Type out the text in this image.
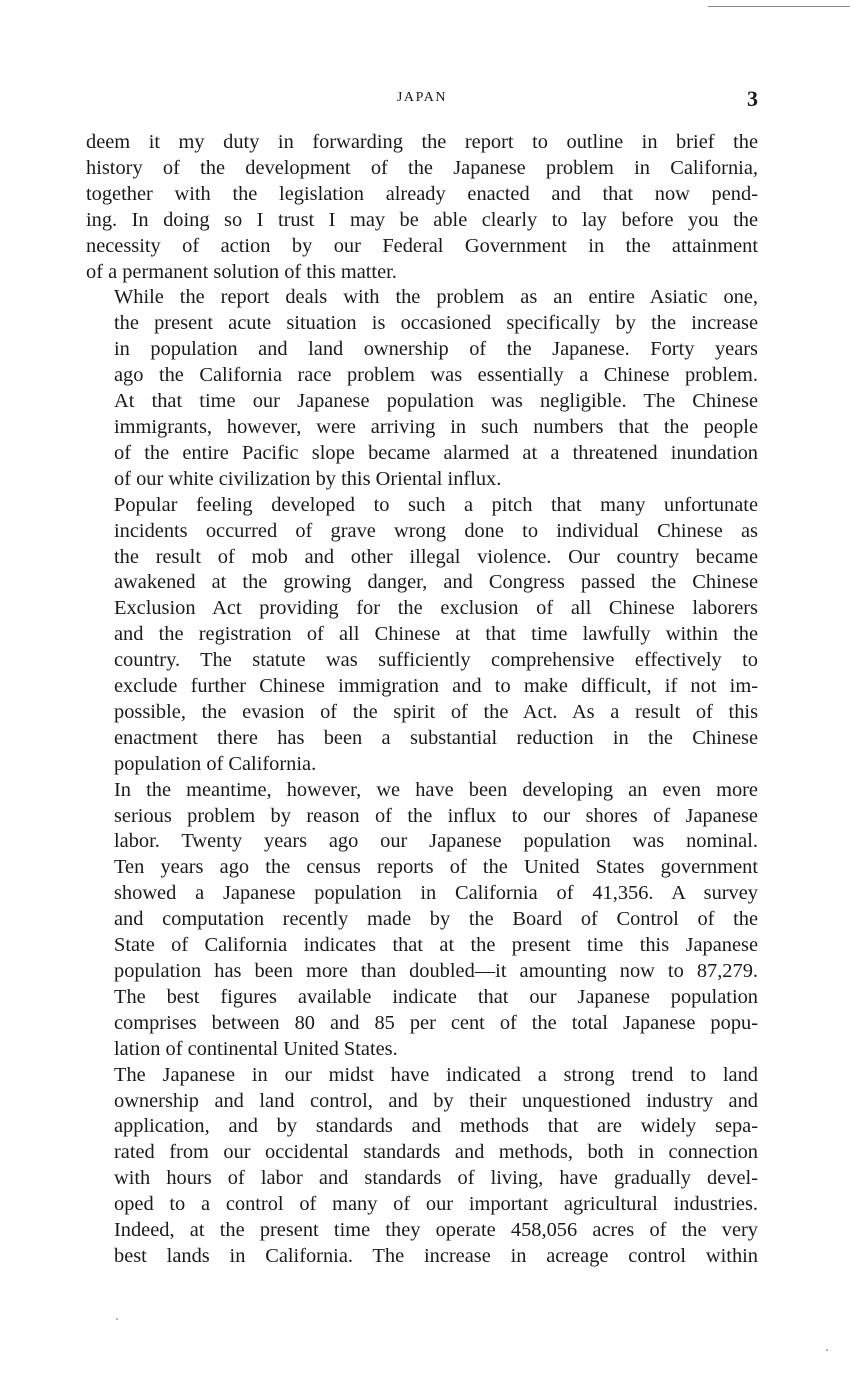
JAPAN	3

deem it my duty in forwarding the report to outline in brief the
history of the development of the Japanese problem in California,
together with the legislation already enacted and that now pend-
ing. In doing so I trust I may be able clearly to lay before you the
necessity of action by our Federal Government in the attainment
of a permanent solution of this matter.

While the report deals with the problem as an entire Asiatic one,
the present acute situation is occasioned specifically by the increase
in population and land ownership of the Japanese. Forty years
ago the California race problem was essentially a Chinese problem.
At that time our Japanese population was negligible. The Chinese
immigrants, however, were arriving in such numbers that the people
of the entire Pacific slope became alarmed at a threatened inundation
of our white civilization by this Oriental influx.

Popular feeling developed to such a pitch that many unfortunate
incidents occurred of grave wrong done to individual Chinese as
the result of mob and other illegal violence. Our country became
awakened at the growing danger, and Congress passed the Chinese
Exclusion Act providing for the exclusion of all Chinese laborers
and the registration of all Chinese at that time lawfully within the
country. The statute was sufficiently comprehensive effectively to
exclude further Chinese immigration and to make difficult, if not im-
possible, the evasion of the spirit of the Act. As a result of this
enactment there has been a substantial reduction in the Chinese
population of California.

In the meantime, however, we have been developing an even more
serious problem by reason of the influx to our shores of Japanese
labor. Twenty years ago our Japanese population was nominal.
Ten years ago the census reports of the United States government
showed a Japanese population in California of 41,356. A survey
and computation recently made by the Board of Control of the
State of California indicates that at the present time this Japanese
population has been more than doubled—it amounting now to 87,279.
The best figures available indicate that our Japanese population
comprises between 80 and 85 per cent of the total Japanese popu-
lation of continental United States.

The Japanese in our midst have indicated a strong trend to land
ownership and land control, and by their unquestioned industry and
application, and by standards and methods that are widely sepa-
rated from our occidental standards and methods, both in connection
with hours of labor and standards of living, have gradually devel-
oped to a control of many of our important agricultural industries.
Indeed, at the present time they operate 458,056 acres of the very
best lands in California. The increase in acreage control within
